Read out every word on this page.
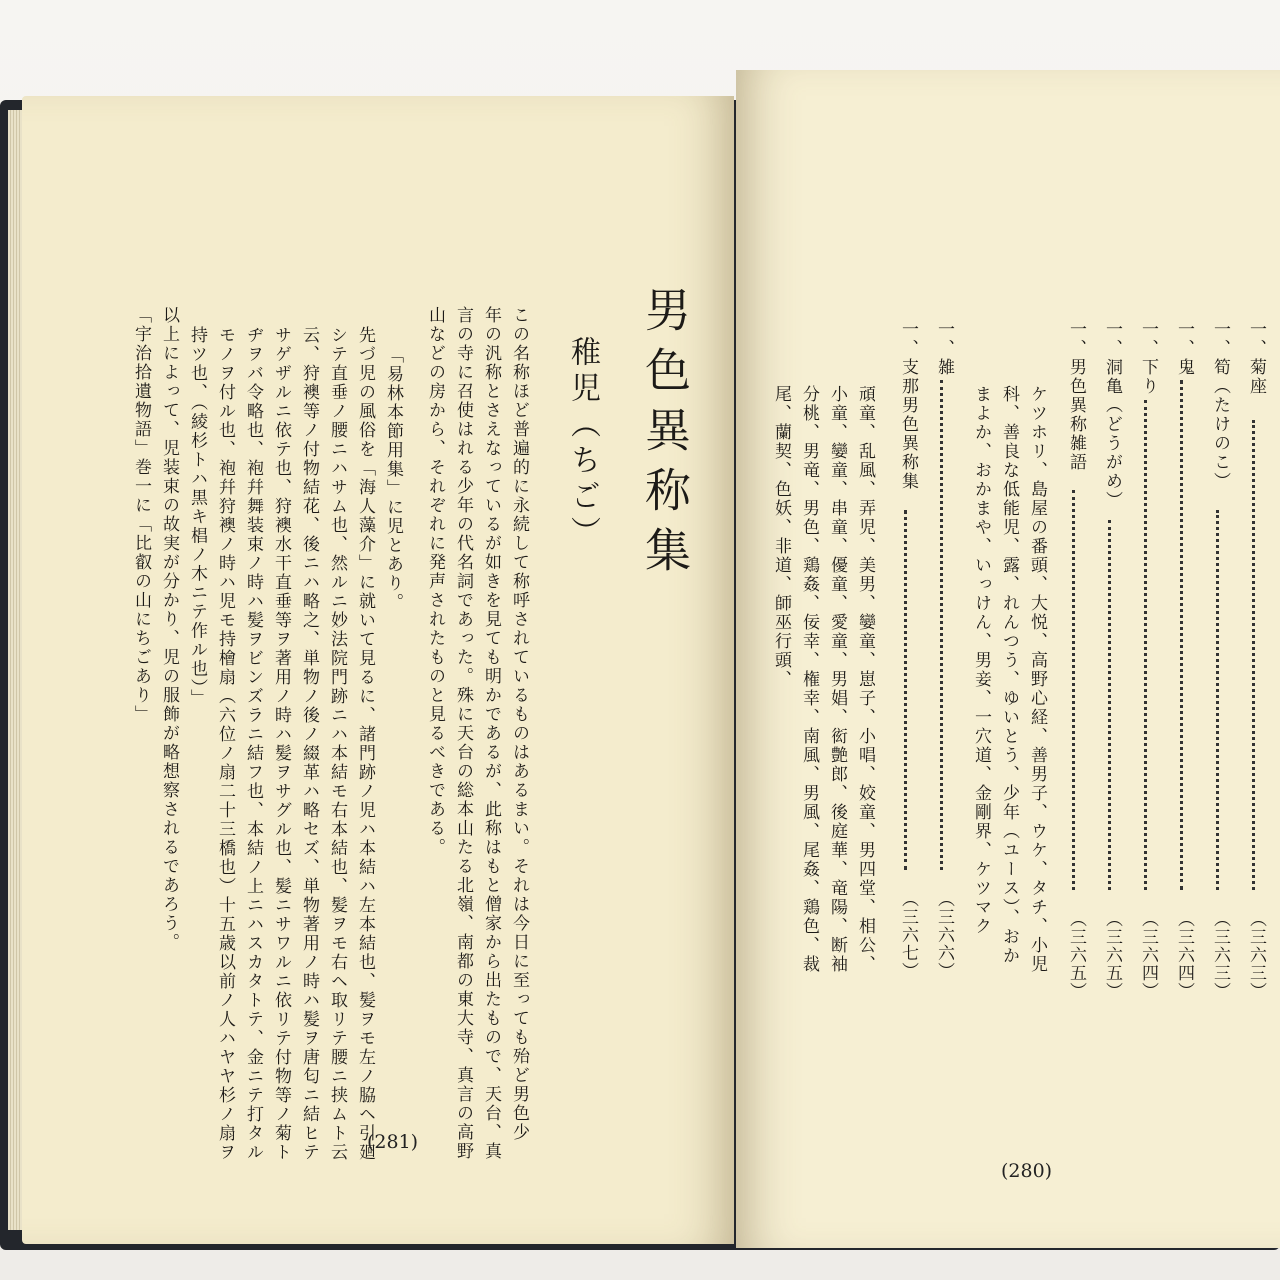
男色異称集
稚児（ちご）
この名称ほど普遍的に永続して称呼されているものはあるまい。それは今日に至っても殆ど男色少
年の汎称とさえなっているが如きを見ても明かであるが、此称はもと僧家から出たもので、天台、真
言の寺に召使はれる少年の代名詞であった。殊に天台の総本山たる北嶺、南都の東大寺、真言の高野
山などの房から、それぞれに発声されたものと見るべきである。
「易林本節用集」に児とあり。
先づ児の風俗を「海人藻介」に就いて見るに、諸門跡ノ児ハ本結ハ左本結也、髪ヲモ左ノ脇ヘ引廻
シテ直垂ノ腰ニハサム也、然ルニ妙法院門跡ニハ本結モ右本結也、髪ヲモ右ヘ取リテ腰ニ挟ムト云
云、狩襖等ノ付物結花、後ニハ略之、単物ノ後ノ綴革ハ略セズ、単物著用ノ時ハ髪ヲ唐匂ニ結ヒテ
サゲザルニ依テ也、狩襖水干直垂等ヲ著用ノ時ハ髪ヲサグル也、髪ニサワルニ依リテ付物等ノ菊ト
ヂヲバ令略也、袍幷舞装束ノ時ハ髪ヲビンズラニ結フ也、本結ノ上ニハスカタトテ、金ニテ打タル
モノヲ付ル也、袍幷狩襖ノ時ハ児モ持檜扇（六位ノ扇二十三橋也）十五歳以前ノ人ハヤヤ杉ノ扇ヲ
持ツ也、（綾杉トハ黒キ椙ノ木ニテ作ル也）」
以上によって、児装束の故実が分かり、児の服飾が略想察されるであろう。
「宇治拾遺物語」巻一に「比叡の山にちごあり」
(281)
一、菊座
（三六三）
一、筍（たけのこ）
（三六三）
一、鬼
（三六四）
一、下り
（三六四）
一、洞亀（どうがめ）
（三六五）
一、男色異称雑語
（三六五）
ケツホリ、島屋の番頭、大悦、高野心経、善男子、ウケ、タチ、小児
科、善良な低能児、露、れんつう、ゆいとう、少年（ユース）、おか
まよか、おかまや、いっけん、男妾、一穴道、金剛界、ケツマク
一、雑
（三六六）
一、支那男色異称集
（三六七）
頑童、乱風、弄児、美男、孌童、崽子、小唱、姣童、男四堂、相公、
小童、孌童、串童、優童、愛童、男娼、衒艶郎、後庭華、竜陽、断袖
分桃、男竜、男色、鶏姦、佞幸、権幸、南風、男風、尾姦、鶏色、裁
尾、蘭契、色妖、非道、師巫行頭、
(280)
